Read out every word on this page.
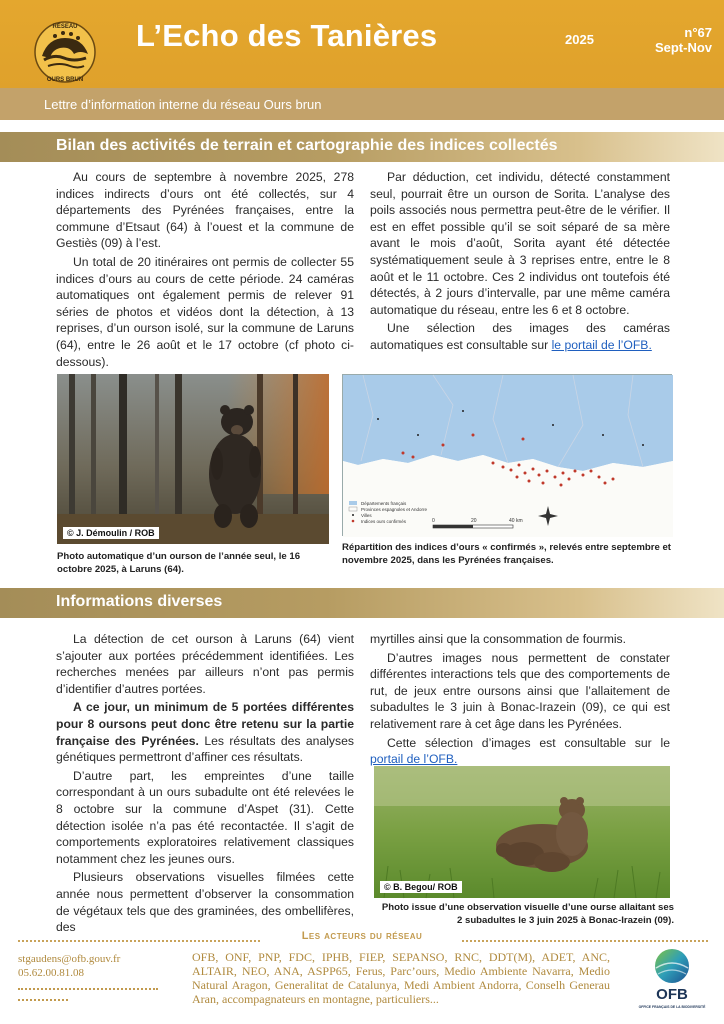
RÉSEAU
OURS BRUN
L’Echo des Tanières	2025	n°67
Sept-Nov
Lettre d’information interne du réseau Ours brun
Bilan des activités de terrain et cartographie des indices collectés

Au cours de septembre à novembre 2025, 278 indices indirects d’ours ont été collectés, sur 4 départements des Pyrénées françaises, entre la commune d’Etsaut (64) à l’ouest et la commune de Gestiès (09) à l’est.

Un total de 20 itinéraires ont permis de collecter 55 indices d’ours au cours de cette période. 24 caméras automatiques ont également permis de relever 91 séries de photos et vidéos dont la détection, à 13 reprises, d’un ourson isolé, sur la commune de Laruns (64), entre le 26 août et le 17 octobre (cf photo ci-dessous).

Par déduction, cet individu, détecté constamment seul, pourrait être un ourson de Sorita. L’analyse des poils associés nous permettra peut-être de le vérifier. Il est en effet possible qu’il se soit séparé de sa mère avant le mois d’août, Sorita ayant été détectée systématiquement seule à 3 reprises entre, entre le 8 août et le 11 octobre. Ces 2 individus ont toutefois été détectés, à 2 jours d’intervalle, par une même caméra automatique du réseau, entre les 6 et 8 octobre.

Une sélection des images des caméras automatiques est consultable sur le portail de l’OFB.

© J. Démoulin / ROB
Photo automatique d’un ourson de l’année seul, le 16 octobre 2025, à Laruns (64).
Départements français
Provinces espagnoles et Andorre
Villes
Indices ours confirmés	0	20	40 km
Répartition des indices d’ours « confirmés », relevés entre septembre et novembre 2025, dans les Pyrénées françaises.
Informations diverses

La détection de cet ourson à Laruns (64) vient s’ajouter aux portées précédemment identifiées. Les recherches menées par ailleurs n’ont pas permis d’identifier d’autres portées.

A ce jour, un minimum de 5 portées différentes pour 8 oursons peut donc être retenu sur la partie française des Pyrénées. Les résultats des analyses génétiques permettront d’affiner ces résultats.

D’autre part, les empreintes d’une taille correspondant à un ours subadulte ont été relevées le 8 octobre sur la commune d’Aspet (31). Cette détection isolée n’a pas été recontactée. Il s’agit de comportements exploratoires relativement classiques notamment chez les jeunes ours.

Plusieurs observations visuelles filmées cette année nous permettent d’observer la consommation de végétaux tels que des graminées, des ombellifères, des

myrtilles ainsi que la consommation de fourmis.

D’autres images nous permettent de constater différentes interactions tels que des comportements de rut, de jeux entre oursons ainsi que l’allaitement de subadultes le 3 juin à Bonac-Irazein (09), ce qui est relativement rare à cet âge dans les Pyrénées.

Cette sélection d’images est consultable sur le portail de l’OFB.

© B. Begou/ ROB
Photo issue d’une observation visuelle d’une ourse allaitant ses 2 subadultes le 3 juin 2025 à Bonac-Irazein (09).
Les acteurs du réseau
stgaudens@ofb.gouv.fr
05.62.00.81.08
OFB, ONF, PNP, FDC, IPHB, FIEP, SEPANSO, RNC, DDT(M), ADET, ANC, ALTAIR, NEO, ANA, ASPP65, Ferus, Parc’ours, Medio Ambiente Navarra, Medio Natural Aragon, Generalitat de Catalunya, Medi Ambient Andorra, Conselh Generau Aran, accompagnateurs en montagne, particuliers...	OFB
OFFICE FRANÇAIS DE LA BIODIVERSITÉ
